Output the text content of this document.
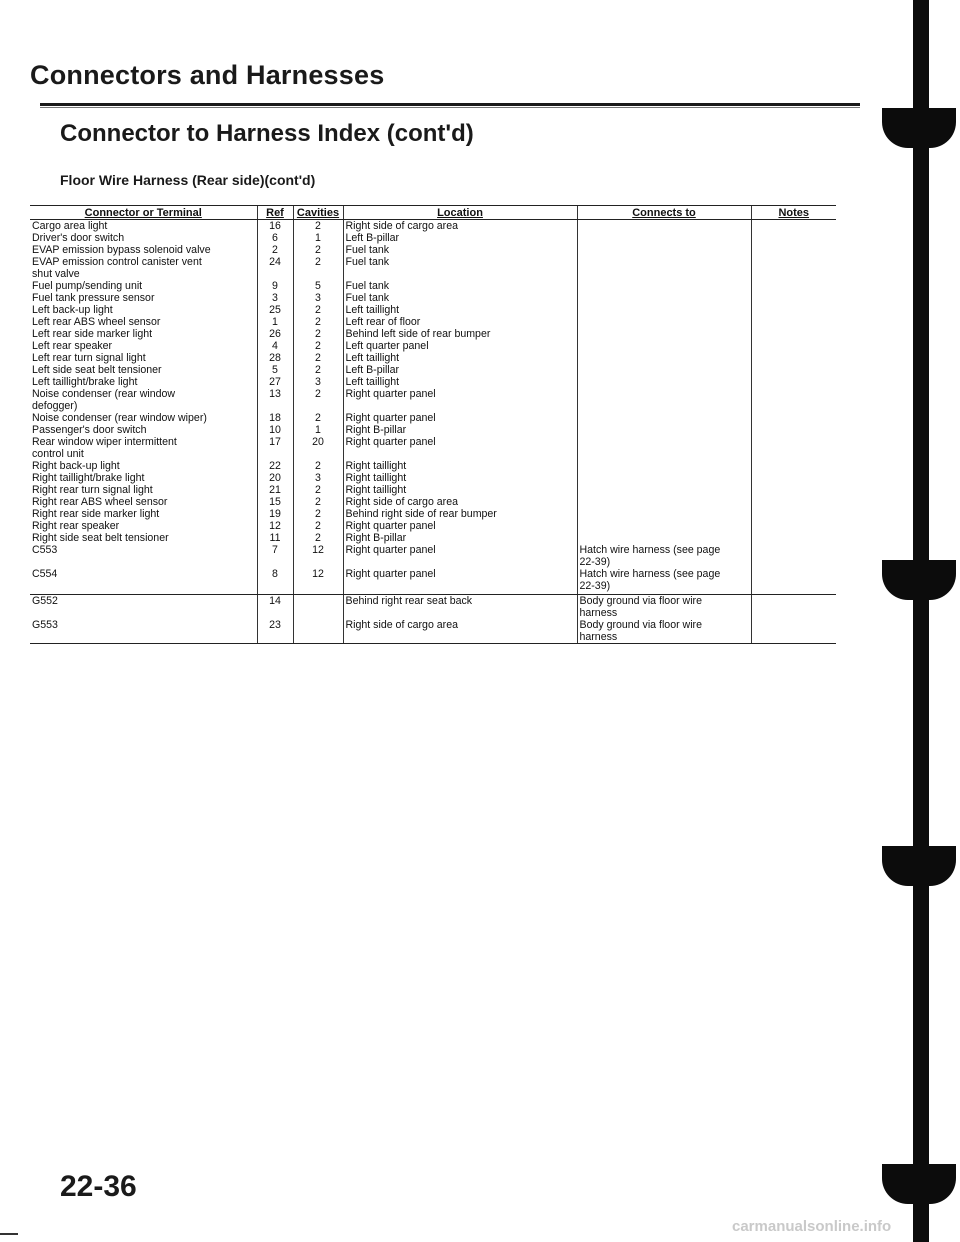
Connectors and Harnesses
Connector to Harness Index (cont'd)
Floor Wire Harness (Rear side)(cont'd)
Connector or Terminal	Ref	Cavities	Location	Connects to	Notes
Cargo area light	16	2	Right side of cargo area		
Driver's door switch	6	1	Left B-pillar		
EVAP emission bypass solenoid valve	2	2	Fuel tank		
EVAP emission control canister vent	24	2	Fuel tank		
shut valve					
Fuel pump/sending unit	9	5	Fuel tank		
Fuel tank pressure sensor	3	3	Fuel tank		
Left back-up light	25	2	Left taillight		
Left rear ABS wheel sensor	1	2	Left rear of floor		
Left rear side marker light	26	2	Behind left side of rear bumper		
Left rear speaker	4	2	Left quarter panel		
Left rear turn signal light	28	2	Left taillight		
Left side seat belt tensioner	5	2	Left B-pillar		
Left taillight/brake light	27	3	Left taillight		
Noise condenser (rear window	13	2	Right quarter panel		
defogger)					
Noise condenser (rear window wiper)	18	2	Right quarter panel		
Passenger's door switch	10	1	Right B-pillar		
Rear window wiper intermittent	17	20	Right quarter panel		
control unit					
Right back-up light	22	2	Right taillight		
Right taillight/brake light	20	3	Right taillight		
Right rear turn signal light	21	2	Right taillight		
Right rear ABS wheel sensor	15	2	Right side of cargo area		
Right rear side marker light	19	2	Behind right side of rear bumper		
Right rear speaker	12	2	Right quarter panel		
Right side seat belt tensioner	11	2	Right B-pillar		
C553	7	12	Right quarter panel	Hatch wire harness (see page	
				22-39)	
C554	8	12	Right quarter panel	Hatch wire harness (see page	
				22-39)	
G552	14		Behind right rear seat back	Body ground via floor wire	
				harness	
G553	23		Right side of cargo area	Body ground via floor wire	
				harness	
22-36
carmanualsonline.info
